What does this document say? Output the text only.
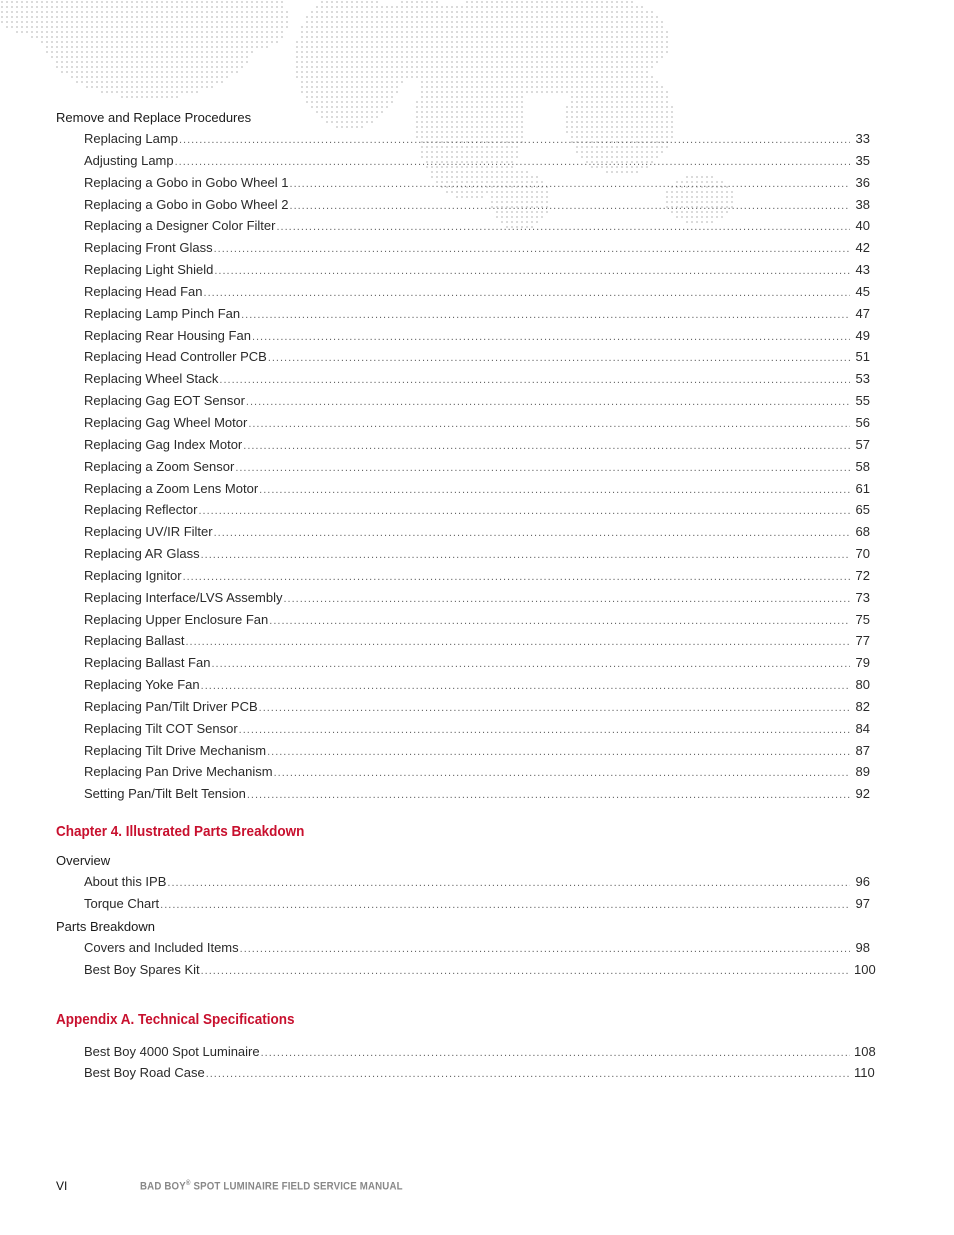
Remove and Replace Procedures
Replacing Lamp .....	33
Adjusting Lamp .....	35
Replacing a Gobo in Gobo Wheel 1 .....	36
Replacing a Gobo in Gobo Wheel 2 .....	38
Replacing a Designer Color Filter .....	40
Replacing Front Glass .....	42
Replacing Light Shield .....	43
Replacing Head Fan .....	45
Replacing Lamp Pinch Fan .....	47
Replacing Rear Housing Fan .....	49
Replacing Head Controller PCB .....	51
Replacing Wheel Stack .....	53
Replacing Gag EOT Sensor .....	55
Replacing Gag Wheel Motor .....	56
Replacing Gag Index Motor .....	57
Replacing a Zoom Sensor .....	58
Replacing a Zoom Lens Motor .....	61
Replacing Reflector .....	65
Replacing UV/IR Filter .....	68
Replacing AR Glass .....	70
Replacing Ignitor .....	72
Replacing Interface/LVS Assembly .....	73
Replacing Upper Enclosure Fan .....	75
Replacing Ballast .....	77
Replacing Ballast Fan .....	79
Replacing Yoke Fan .....	80
Replacing Pan/Tilt Driver PCB .....	82
Replacing Tilt COT Sensor .....	84
Replacing Tilt Drive Mechanism .....	87
Replacing Pan Drive Mechanism .....	89
Setting Pan/Tilt Belt Tension .....	92
Chapter 4. Illustrated Parts Breakdown
Overview
About this IPB .....	96
Torque Chart .....	97
Parts Breakdown
Covers and Included Items .....	98
Best Boy Spares Kit .....	100
Appendix A. Technical Specifications
Best Boy 4000 Spot Luminaire .....	108
Best Boy Road Case .....	110
VI	BAD BOY® SPOT LUMINAIRE FIELD SERVICE MANUAL
